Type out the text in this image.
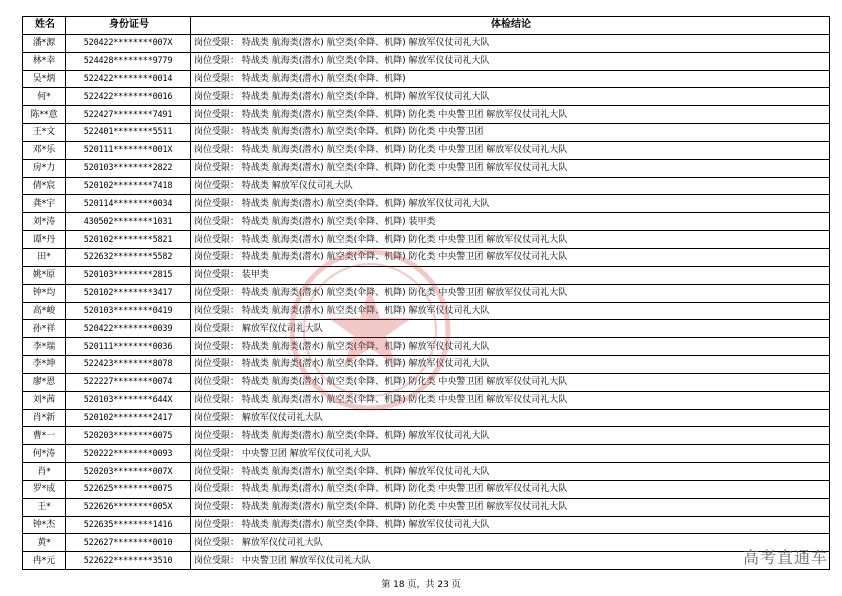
姓名	身份证号	体检结论
潘*源	520422********007X	岗位受限： 特战类 航海类(潜水) 航空类(伞降、机降) 解放军仪仗司礼大队
林*幸	524428********9779	岗位受限： 特战类 航海类(潜水) 航空类(伞降、机降) 解放军仪仗司礼大队
吴*炳	522422********0014	岗位受限： 特战类 航海类(潜水) 航空类(伞降、机降)
何*	522422********0016	岗位受限： 特战类 航海类(潜水) 航空类(伞降、机降) 解放军仪仗司礼大队
陈**意	522427********7491	岗位受限： 特战类 航海类(潜水) 航空类(伞降、机降) 防化类 中央警卫团 解放军仪仗司礼大队
王*文	522401********5511	岗位受限： 特战类 航海类(潜水) 航空类(伞降、机降) 防化类 中央警卫团
邓*乐	520111********001X	岗位受限： 特战类 航海类(潜水) 航空类(伞降、机降) 防化类 中央警卫团 解放军仪仗司礼大队
房*力	520103********2822	岗位受限： 特战类 航海类(潜水) 航空类(伞降、机降) 防化类 中央警卫团 解放军仪仗司礼大队
倩*宸	520102********7418	岗位受限： 特战类 解放军仪仗司礼大队
龚*宇	520114********0034	岗位受限： 特战类 航海类(潜水) 航空类(伞降、机降) 解放军仪仗司礼大队
刘*涛	430502********1031	岗位受限： 特战类 航海类(潜水) 航空类(伞降、机降) 装甲类
谭*丹	520102********5821	岗位受限： 特战类 航海类(潜水) 航空类(伞降、机降) 防化类 中央警卫团 解放军仪仗司礼大队
田*	522632********5582	岗位受限： 特战类 航海类(潜水) 航空类(伞降、机降) 防化类 中央警卫团 解放军仪仗司礼大队
姚*原	520103********2815	岗位受限： 装甲类
钟*均	520102********3417	岗位受限： 特战类 航海类(潜水) 航空类(伞降、机降) 防化类 中央警卫团 解放军仪仗司礼大队
高*峻	520103********0419	岗位受限： 特战类 航海类(潜水) 航空类(伞降、机降) 解放军仪仗司礼大队
孙*祥	520422********0039	岗位受限： 解放军仪仗司礼大队
李*瑞	520111********0036	岗位受限： 特战类 航海类(潜水) 航空类(伞降、机降) 解放军仪仗司礼大队
李*坤	522423********8078	岗位受限： 特战类 航海类(潜水) 航空类(伞降、机降) 解放军仪仗司礼大队
廖*恩	522227********0074	岗位受限： 特战类 航海类(潜水) 航空类(伞降、机降) 防化类 中央警卫团 解放军仪仗司礼大队
刘*茜	520103********644X	岗位受限： 特战类 航海类(潜水) 航空类(伞降、机降) 防化类 中央警卫团 解放军仪仗司礼大队
肖*新	520102********2417	岗位受限： 解放军仪仗司礼大队
曹*一	520203********0075	岗位受限： 特战类 航海类(潜水) 航空类(伞降、机降) 解放军仪仗司礼大队
何*涛	520222********0093	岗位受限： 中央警卫团 解放军仪仗司礼大队
肖*	520203********007X	岗位受限： 特战类 航海类(潜水) 航空类(伞降、机降) 解放军仪仗司礼大队
罗*成	522625********0075	岗位受限： 特战类 航海类(潜水) 航空类(伞降、机降) 防化类 中央警卫团 解放军仪仗司礼大队
王*	522626********005X	岗位受限： 特战类 航海类(潜水) 航空类(伞降、机降) 防化类 中央警卫团 解放军仪仗司礼大队
钟*杰	522635********1416	岗位受限： 特战类 航海类(潜水) 航空类(伞降、机降) 解放军仪仗司礼大队
黄*	522627********0010	岗位受限： 解放军仪仗司礼大队
冉*元	522622********3510	岗位受限： 中央警卫团 解放军仪仗司礼大队
第 18 页，共 23 页
高考直通车
